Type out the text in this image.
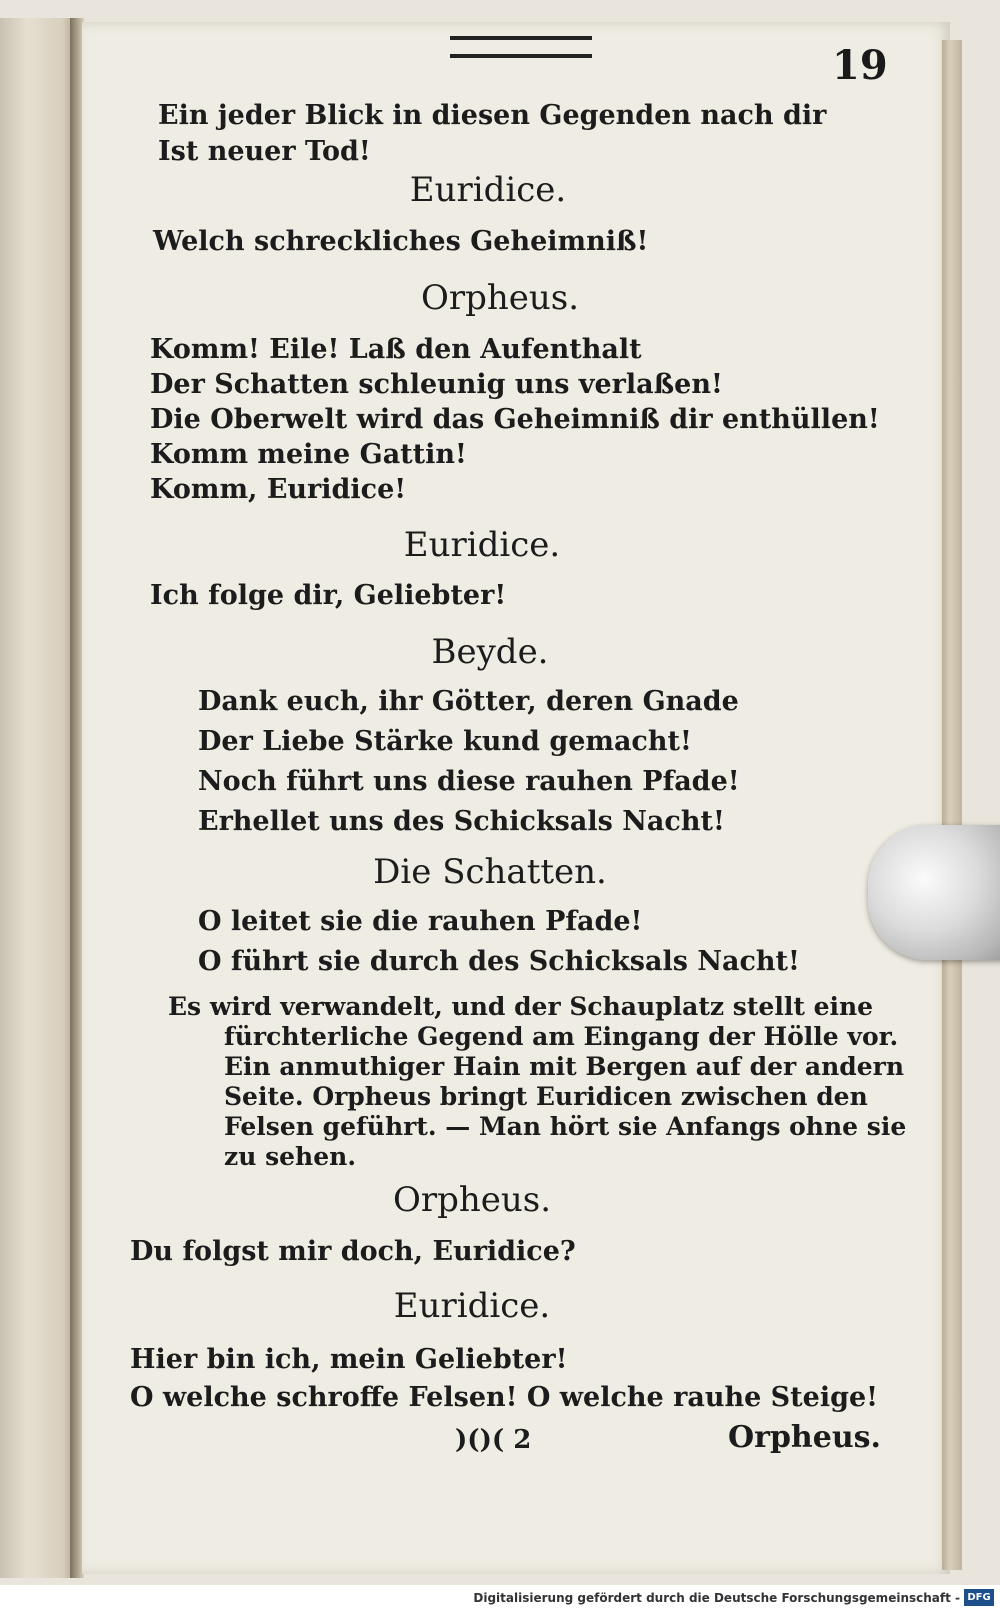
19
Ein jeder Blick in diesen Gegenden nach dir
Ist neuer Tod!
Euridice.
Welch schreckliches Geheimniß!
Orpheus.
Komm! Eile! Laß den Aufenthalt
Der Schatten schleunig uns verlaßen!
Die Oberwelt wird das Geheimniß dir enthüllen!
Komm meine Gattin!
Komm, Euridice!
Euridice.
Ich folge dir, Geliebter!
Beyde.
Dank euch, ihr Götter, deren Gnade
Der Liebe Stärke kund gemacht!
Noch führt uns diese rauhen Pfade!
Erhellet uns des Schicksals Nacht!
Die Schatten.
O leitet sie die rauhen Pfade!
O führt sie durch des Schicksals Nacht!
Es wird verwandelt, und der Schauplatz stellt eine
fürchterliche Gegend am Eingang der Hölle vor.
Ein anmuthiger Hain mit Bergen auf der andern
Seite. Orpheus bringt Euridicen zwischen den
Felsen geführt. — Man hört sie Anfangs ohne sie
zu sehen.
Orpheus.
Du folgst mir doch, Euridice?
Euridice.
Hier bin ich, mein Geliebter!
O welche schroffe Felsen! O welche rauhe Steige!
)()( 2	Orpheus.
Digitalisierung gefördert durch die Deutsche Forschungsgemeinschaft - DFG
